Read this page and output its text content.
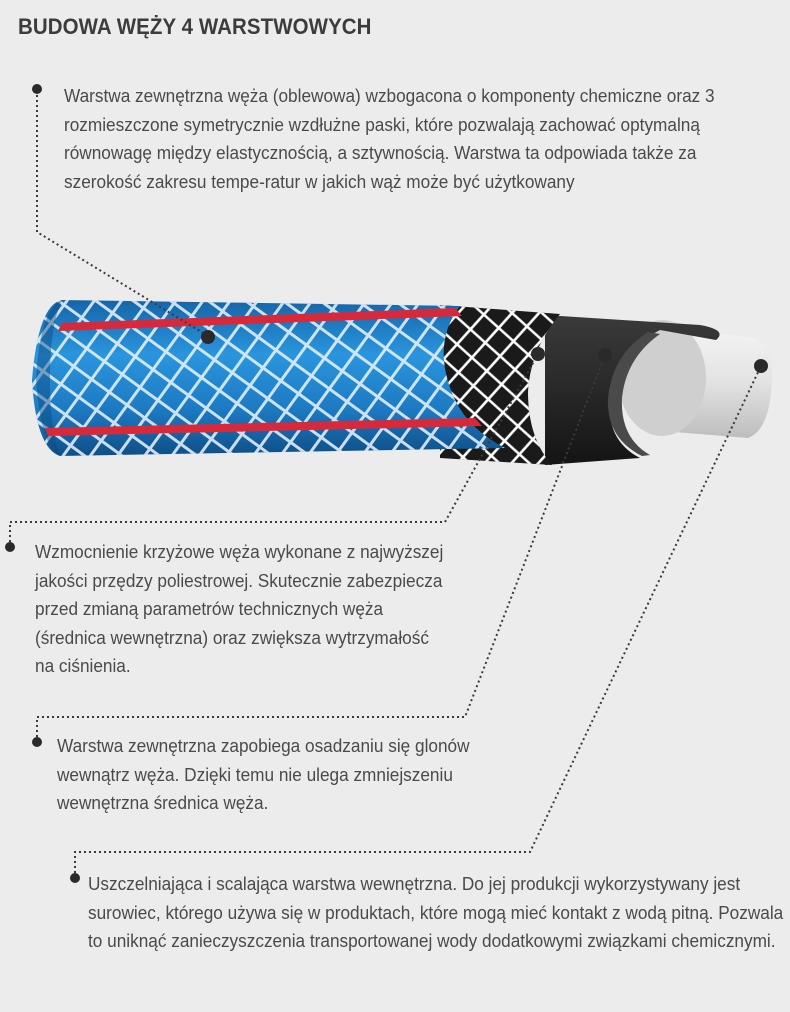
BUDOWA WĘŻY 4 WARSTWOWYCH

Warstwa zewnętrzna węża (oblewowa) wzbogacona o komponenty chemiczne oraz 3 rozmieszczone symetrycznie wzdłużne paski, które pozwalają zachować optymalną równowagę między elastycznością, a sztywnością. Warstwa ta odpowiada także za szerokość zakresu tempe-ratur w jakich wąż może być użytkowany

Wzmocnienie krzyżowe węża wykonane z najwyższej jakości przędzy poliestrowej. Skutecznie zabezpiecza przed zmianą parametrów technicznych węża (średnica wewnętrzna) oraz zwiększa wytrzymałość na ciśnienia.

Warstwa zewnętrzna zapobiega osadzaniu się glonów wewnątrz węża. Dzięki temu nie ulega zmniejszeniu wewnętrzna średnica węża.

Uszczelniająca i scalająca warstwa wewnętrzna. Do jej produkcji wykorzystywany jest surowiec, którego używa się w produktach, które mogą mieć kontakt z wodą pitną. Pozwala to uniknąć zanieczyszczenia transportowanej wody dodatkowymi związkami chemicznymi.
